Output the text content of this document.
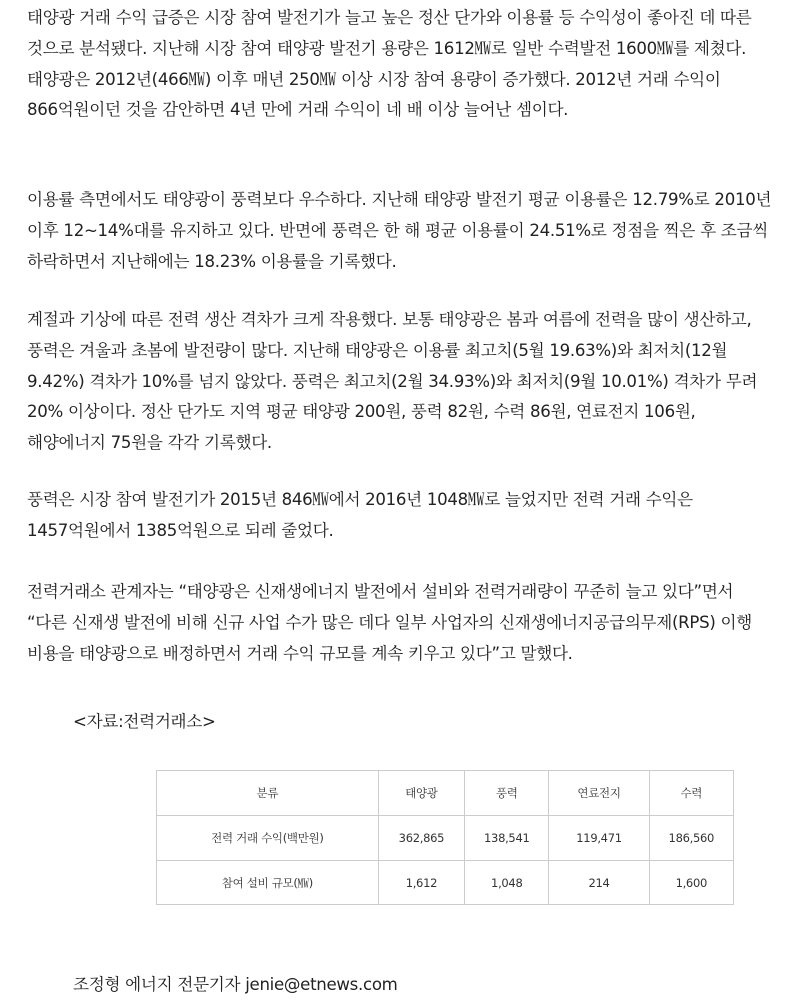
태양광 거래 수익 급증은 시장 참여 발전기가 늘고 높은 정산 단가와 이용률 등 수익성이 좋아진 데 따른 것으로 분석됐다. 지난해 시장 참여 태양광 발전기 용량은 1612㎿로 일반 수력발전 1600㎿를 제쳤다. 태양광은 2012년(466㎿) 이후 매년 250㎿ 이상 시장 참여 용량이 증가했다. 2012년 거래 수익이 866억원이던 것을 감안하면 4년 만에 거래 수익이 네 배 이상 늘어난 셈이다.

이용률 측면에서도 태양광이 풍력보다 우수하다. 지난해 태양광 발전기 평균 이용률은 12.79%로 2010년 이후 12~14%대를 유지하고 있다. 반면에 풍력은 한 해 평균 이용률이 24.51%로 정점을 찍은 후 조금씩 하락하면서 지난해에는 18.23% 이용률을 기록했다.

계절과 기상에 따른 전력 생산 격차가 크게 작용했다. 보통 태양광은 봄과 여름에 전력을 많이 생산하고, 풍력은 겨울과 초봄에 발전량이 많다. 지난해 태양광은 이용률 최고치(5월 19.63%)와 최저치(12월 9.42%) 격차가 10%를 넘지 않았다. 풍력은 최고치(2월 34.93%)와 최저치(9월 10.01%) 격차가 무려 20% 이상이다. 정산 단가도 지역 평균 태양광 200원, 풍력 82원, 수력 86원, 연료전지 106원, 해양에너지 75원을 각각 기록했다.

풍력은 시장 참여 발전기가 2015년 846㎿에서 2016년 1048㎿로 늘었지만 전력 거래 수익은 1457억원에서 1385억원으로 되레 줄었다.

전력거래소 관계자는 “태양광은 신재생에너지 발전에서 설비와 전력거래량이 꾸준히 늘고 있다”면서 “다른 신재생 발전에 비해 신규 사업 수가 많은 데다 일부 사업자의 신재생에너지공급의무제(RPS) 이행 비용을 태양광으로 배정하면서 거래 수익 규모를 계속 키우고 있다”고 말했다.

<자료:전력거래소>
분류	태양광	풍력	연료전지	수력
전력 거래 수익(백만원)	362,865	138,541	119,471	186,560
참여 설비 규모(㎿)	1,612	1,048	214	1,600
조정형 에너지 전문기자 jenie@etnews.com
